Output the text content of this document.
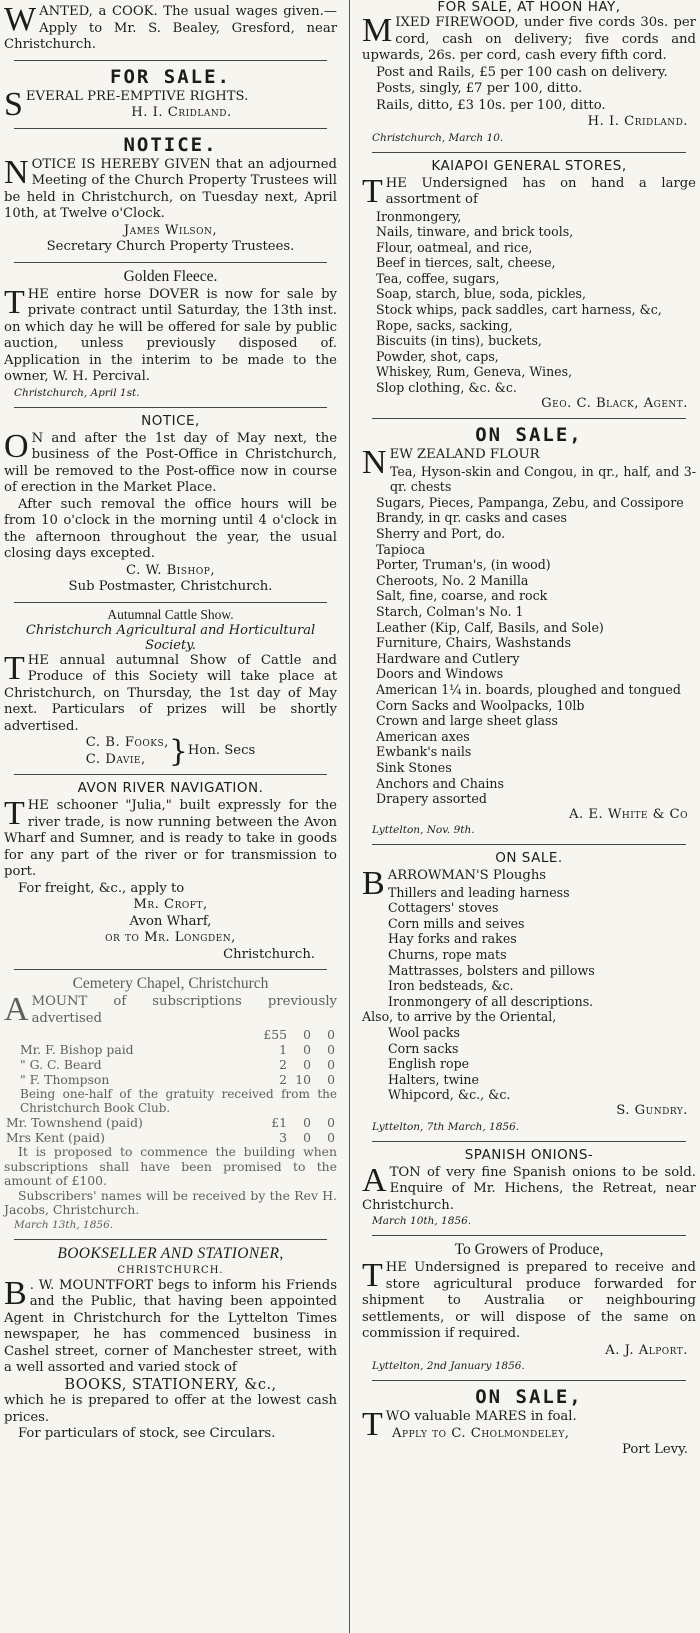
WANTED, a COOK. The usual wages given.—Apply to Mr. S. Bealey, Gresford, near Christchurch.

FOR SALE.

SEVERAL PRE-EMPTIVE RIGHTS.

H. I. Cridland.
NOTICE.

NOTICE IS HEREBY GIVEN that an adjourned Meeting of the Church Property Trustees will be held in Christchurch, on Tuesday next, April 10th, at Twelve o'Clock.

James Wilson,
Secretary Church Property Trustees.
Golden Fleece.

THE entire horse DOVER is now for sale by private contract until Saturday, the 13th inst. on which day he will be offered for sale by public auction, unless previously disposed of. Application in the interim to be made to the owner, W. H. Percival.

Christchurch, April 1st.
NOTICE,

O N and after the 1st day of May next, the business of the Post-Office in Christchurch, will be removed to the Post-office now in course of erection in the Market Place.

After such removal the office hours will be from 10 o'clock in the morning until 4 o'clock in the afternoon throughout the year, the usual closing days excepted.

C. W. Bishop,
Sub Postmaster, Christchurch.
Autumnal Cattle Show.
Christchurch Agricultural and Horticultural Society.

THE annual autumnal Show of Cattle and Produce of this Society will take place at Christchurch, on Thursday, the 1st day of May next. Particulars of prizes will be shortly advertised.

C. B. Fooks,
C. Davie, } Hon. Secs
AVON RIVER NAVIGATION.

THE schooner "Julia," built expressly for the river trade, is now running between the Avon Wharf and Sumner, and is ready to take in goods for any part of the river or for transmission to port.

For freight, &c., apply to
Mr. Croft,
Avon Wharf,
or to Mr. Longden,
Christchurch.
Cemetery Chapel, Christchurch

AMOUNT of subscriptions previously advertised

	£55	0	0
Mr. F. Bishop paid	1	0	0
" G. C. Beard	2	0	0
" F. Thompson	2	10	0

Being one-half of the gratuity received from the Christchurch Book Club.

Mr. Townshend (paid)	£1	0	0
Mrs Kent (paid)	3	0	0

It is proposed to commence the building when subscriptions shall have been promised to the amount of £100.

Subscribers' names will be received by the Rev H. Jacobs, Christchurch.

March 13th, 1856.
BOOKSELLER AND STATIONER,
CHRISTCHURCH.

B . W. MOUNTFORT begs to inform his Friends and the Public, that having been appointed Agent in Christchurch for the Lyttelton Times newspaper, he has commenced business in Cashel street, corner of Manchester street, with a well assorted and varied stock of

BOOKS, STATIONERY, &c.,

which he is prepared to offer at the lowest cash prices.

For particulars of stock, see Circulars.

FOR SALE, AT HOON HAY,

MIXED FIREWOOD, under five cords 30s. per cord, cash on delivery; five cords and upwards, 26s. per cord, cash every fifth cord.

Post and Rails, £5 per 100 cash on delivery.

Posts, singly, £7 per 100, ditto.

Rails, ditto, £3 10s. per 100, ditto.

H. I. Cridland.
Christchurch, March 10.
KAIAPOI GENERAL STORES,

THE Undersigned has on hand a large assortment of

Ironmongery,
Nails, tinware, and brick tools,
Flour, oatmeal, and rice,
Beef in tierces, salt, cheese,
Tea, coffee, sugars,
Soap, starch, blue, soda, pickles,
Stock whips, pack saddles, cart harness, &c,
Rope, sacks, sacking,
Biscuits (in tins), buckets,
Powder, shot, caps,
Whiskey, Rum, Geneva, Wines,
Slop clothing, &c. &c.
Geo. C. Black, Agent.
ON SALE,

NEW ZEALAND FLOUR

Tea, Hyson-skin and Congou, in qr., half, and 3-qr. chests

Sugars, Pieces, Pampanga, Zebu, and Cossipore
Brandy, in qr. casks and cases
Sherry and Port, do.
Tapioca
Porter, Truman's, (in wood)
Cheroots, No. 2 Manilla
Salt, fine, coarse, and rock
Starch, Colman's No. 1
Leather (Kip, Calf, Basils, and Sole)
Furniture, Chairs, Washstands
Hardware and Cutlery
Doors and Windows
American 1¼ in. boards, ploughed and tongued
Corn Sacks and Woolpacks, 10lb
Crown and large sheet glass
American axes
Ewbank's nails
Sink Stones
Anchors and Chains
Drapery assorted
A. E. White & Co
Lyttelton, Nov. 9th.
ON SALE.

BARROWMAN'S Ploughs

Thillers and leading harness
Cottagers' stoves
Corn mills and seives
Hay forks and rakes
Churns, rope mats
Mattrasses, bolsters and pillows
Iron bedsteads, &c.
Ironmongery of all descriptions.

Also, to arrive by the Oriental,

Wool packs
Corn sacks
English rope
Halters, twine
Whipcord, &c., &c.
S. Gundry.
Lyttelton, 7th March, 1856.
SPANISH ONIONS-

ATON of very fine Spanish onions to be sold. Enquire of Mr. Hichens, the Retreat, near Christchurch.

March 10th, 1856.
To Growers of Produce,

THE Undersigned is prepared to receive and store agricultural produce forwarded for shipment to Australia or neighbouring settlements, or will dispose of the same on commission if required.

A. J. Alport.
Lyttelton, 2nd January 1856.
ON SALE,

TWO valuable MARES in foal.

Apply to C. Cholmondeley,
Port Levy.
